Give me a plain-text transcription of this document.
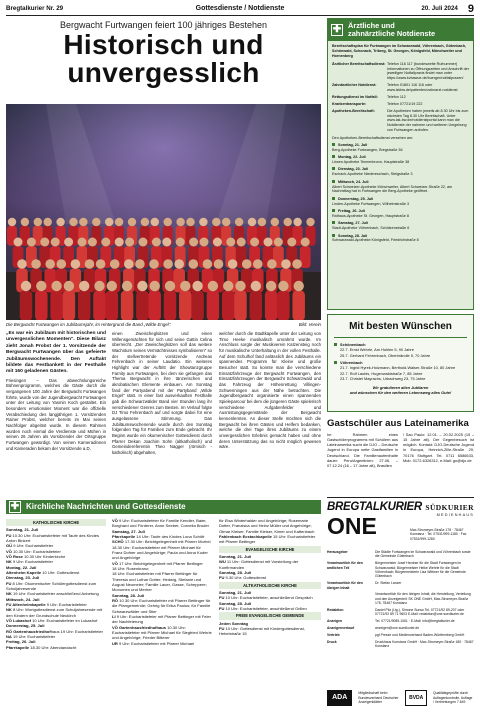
Bregtalkurier Nr. 29	Gottesdienste / Notdienste	20. Juli 2024 9
Bergwacht Furtwangen feiert 100 jähriges Bestehen
Historisch und
unvergesslich
Die Bergwacht Furtwangen im Jubiläumsjahr, im Hintergrund die Band „Wilde Engel".	Bild: Verein

„Es war ein Jubiläum mit historischen und unvergesslichen Momenten". Diese Bilanz zieht Jonah Probst der 1. Vorsitzende der Bergwacht Furtwangen über das gefeierte Jubiläumswochenende. Den Auftakt bildete das Festbankett in der Festhalle mit 160 geladenen Gästen.

Friesingen – Das abwechslungsreiche Bühnenprogramm, welches die Gäste durch die vergangenen 100 Jahre der Bergwacht Furtwangen führte, wurde von der Jugendbergwacht Furtwangen unter der Leitung von Yasmin Koch gestaltet. Ein besonders emotionaler Moment war die offizielle Verabschiedung des langjährigen 1. Vorsitzenden Rainer Probst, welcher bereits im Mai seinen Nachfolger abgelöst wurde. In diesem Rahmen wurden noch einmal die Verdienste und Mühen in seinen 26 Jahren als Vorsitzender der Ortsgruppe Furtwangen gewürdigt. Von seinen Kameradinnen und Kameraden bekam der Vorsitzende a.D.

einen Zweischeglsitzen und einen Willensgemächten für sich und seine Gattin Celina überreicht. „Der Zweischeglsitzen soll das weitere Wachstum seines Vermächtnisses symbolisieren" so der stellvertretende vorsitzende Andreas Fehrenbach in seiner Laudatio. Ein weiteres Highlight war der Auftritt der Showtanzgruppe Farnity aus Furtwangen, bei dem sie gefangen das Thema Bergwacht in ihre tänzerischen und akrobatischen Elemente einbauen. Am Sonntag fand der Partyabend mit der Partyband „Wilde Engel" statt. In einer fast ausverkauften Festhalle gab die Schwarzwälder Band vier Stunden lang ihr verschiedener Genres zum Besten. Im Verlauf folgte DJ Timo Fehrenbach auf und sorgte dabei für eine ausgelassene Stimmung. Das Jubiläumswochenende wurde durch den Sonntag folgenden Tag für Familien zum Ende gebracht. Ihr Beginn wurde ein ökumenischer Gottesdienst durch Pfarrer Dekan Joachim Sohn (altkatholisch) und Gemeindereferentin Theo Nagger (römisch - katholisch) abgehalten,
welcher durch die Stadtkapelle unter der Leitung von Timo Heeke musikalisch umrahmt wurde. Im Anschluss sorgte der Musikverein Katzensteig noch für musikalische Unterhaltung in der vollen Festhalle. Auf dem Schulhof fand anlässlich des Jubiläums ein spannendes Programm für Kleine und große Besucher statt. So konnte man die verschiedene Einsatzfahrzeuge der Bergwacht Furtwangen, den Einsatzfahrzeugen der Bergwacht Schwarzwald und das Fahrzeug der Höhenrettung Villingen-Schwenningen aus der Nähe betrachten. Die Jugendbergwacht organisierte einen spannenden Spieleparcour bei dem die jüngeren Gäste spielerisch verschiedene Aufgabenfelder und Ausrüstungsgegenstände der Bergwacht kennenlernten. An dieser Stelle möchten sich die Bergwacht bei ihren Gästen und Helfern bedanken, welche die drei Tage ihres Jubiläums zu einem unvergesslichen Erlebnis gemacht haben und ohne deren Unterstützung das so nicht möglich gewesen wäre.
✚ Kirchliche Nachrichten und Gottesdienste
KATHOLISCHE KIRCHE
Sonntag, 21. Juli
FU 10.30 Uhr: Eucharistiefeier mit Taufe des Kindes Anton Binkert
GÜ 9 Uhr: Eucharistiefeier
VÖ 10.30 Uhr: Eucharistiefeier
VÖ Rose 10.30 Uhr Kinderkirche
NK 9 Uhr: Eucharistiefeier
Montag, 22. Juli
Altenheim Kapelle 10 Uhr: Gottesdienst
Dienstag, 23. Juli
FU 8 Uhr: Ökumenischer Schülergottesdienst zum Schuljahresende
NK 19 Uhr: Eucharistiefeier anschließend Anbetung
Mittwoch, 24. Juli
FU Altenheimkapelle 9 Uhr: Eucharistiefeier
NK 8 Uhr: Wortgottesdienst zum Schuljahresende mit den Kindern der Grundschule Neukirch
VÖ Lukashof 10 Uhr: Eucharistiefeier im Lukashof
Donnerstag, 25. Juli
RÖ Gartenhausfriedhofhaus 19 Uhr: Eucharistiefeier
NA 19 Uhr: Eucharistiefeier
Freitag, 26. Juli
Pfarrkapelle 18.30 Uhr: Abendandacht
VÖ 9 Uhr: Eucharistiefeier für Familie Kendler, Baier, Burghard und Förderer, Anne Seeber, Cornelia Bruder
Samstag, 27. Juli
Pfarrkapelle 14 Uhr: Taufe des Kindes Lona Schött
SCHÖ 17.30 Uhr: Beichtgelegenheit mit Pfarrer Morhel
18.30 Uhr: Eucharistiefeier mit Pfarrer Michael für Franz Dofner und Angehörige; Paula und Anna Kuder und Angehörige
VÖ 17 Uhr: Beichtgelegenheit mit Pfarrer Bettinger
18 Uhr: Rosenkranz;
18 Uhr: Eucharistiefeier mit Pfarrer Bettinger für Theresia und Lothar Dotter; Hedwig, Stefanie und August Neumeier; Familie Lauer, Gasse, Scheppere; Monumen und Merher
Sonntag, 28. Juli
RÖ 10.30 Uhr: Eucharistiefeier mit Pfarrer Bettinger für die Pfarrgemeinde; Gehrig für Erika Paulus; für Familie Schwarzwälder und Stier
LI 9 Uhr: Eucharistiefeier mit Pfarrer Bettinger mit Feier der Nachfeierung
VÖ Gartenhausfriedhofhaus 10.30 Uhr: Eucharistiefeier mit Pfarrer Michael für Siegfried Wehrle und Angehörige; Frieder Bitterer
UR 9 Uhr: Eucharistiefeier mit Pfarrer Michael
für Elsa Winterhalder und Angehörige; Rosemarie Dotter, Franziska und Heinz Müller und Angehörige; Otmar Kleiser, Familie Kleiser, Kimer und Kattenbach
Fahlenbach Ecstachkapelle 15 Uhr: Eucharistiefeier mit Pfarrer Bettinger
EVANGELISCHE KIRCHE
Sonntag, 21. Juli
WU 11 Uhr: Gottesdienst mit Vorstellung der Konfirmanden
Sonntag, 28. Juli
FU 9.30 Uhr: Gottesdienst
ALTKATHOLISCHE KIRCHE
Sonntag, 21. Juli
FU 10 Uhr: Eucharistiefeier, anschließend Gespräch
Sonntag, 28. Juli
FU 10 Uhr: Eucharistiefeier, anschließend Grillen
FREIE EVANGELISCHE GEMEINDE
Jeden Sonntag
FU 10 Uhr: Gottesdienst mit Kindergottesdienst, Hebelstraße 15
✚ Ärztliche und
zahnärztliche Notdienste

Bereitschaftsplan für Furtwangen im Schwarzwald, Vöhrenbach, Gütenbach, Schönwald, Schonach, Triberg, St. Georgen, Königsfeld, Mönchweiler und Hornenberg

Ärztlicher Bereitschaftsdienst: Telefon 116 117 (bundesweite Rufnummer) Informationen zu Öffnungszeiten und Anschrift der jeweiligen Notfallpraxis findet man unter https://www.kvbawue.de/buerger/notfallpraxen/
Zahnärztlicher Notdienst:	Telefon 01801 116 116 oder www.lzkbw.de/patienten/zahnarzt-notdienst
Rettungsdienst im Notfall:	Telefon 112
Krankentransporte:	Telefon 07721/19 222
Apotheken-Bereitschaft:	Die Apotheken haben jeweils ab 8.30 Uhr bis zum nächsten Tag 8.30 Uhr Bereitschaft. Unter www.lak-bw.de/notdienstportal kann man die Notdienste der nahmen und weiteren Umgebung von Furtwangen aufrufen.

Den Apotheken-Bereitschaftsdienst versehen am:

Sonntag, 21. Juli
Berg-Apotheke Furtwangen, Bregstraße 36
Montag, 22. Juli
Löwen Apotheke Tennenbronn, Hauptstraße 38
Dienstag, 23. Juli
Eschach-Apotheke Niedereschach, Steigstraße 3
Mittwoch, 24. Juli
Albert Schweizer-Apotheke Mönchweiler, Albert Schweizer-Straße 22, am Nachmittag hat in Furtwangen die Berg-Apotheke geöffnet.
Donnerstag, 25. Juli
Linden-Apotheke Furtwangen, Wilhelmstraße 3
Freitag, 26. Juli
Rathaus-Apotheke St. Georgen, Hauptstraße 8
Samstag, 27. Juli
Stadt-Apotheke Vöhrenbach, Schützenstraße 6
Sonntag, 28. Juli
Schwarzwald-Apotheke Königsfeld, Friedrichstraße 8
Mit besten Wünschen
Schönenbach
22.7. Ernst Wehrle, Am Hohlen 5, 90 Jahre
25.7. Gerhard Fehrenbach, Oberbrändle 5, 70 Jahre
Vöhrenbach
21.7. Ingrid Hyrek-Holzmann, Berthold-Walser-Straße 10, 80 Jahre
22.7. Rolf Laubis, Hugenwaldstraße 7, 85 Jahre
23.7. Christel Mayrachs, Urbachweg 23, 75 Jahre
Wir gratulieren allen Jubilaren
und wünschen für den weiteren Lebensweg alles Gute!
Gastschüler aus Lateinamerika
Im Rahmen eines Gastschülerprogramms mit Schülern aus Lateinamerika sucht die DJO – Deutsche Jugend in Europa nette Gastfamilien in Deutschland. Die Familienaufenthalte dauer: Peru/Argentinien: 27.06. – 07.12.24 (16 – 17 Jahre alt), Brasilien
/ Sao Paulo: 12.01. – 20.02.2025 (15 – 15 Jahre alt). Der Gegenbesuch ist möglich. Kontakt: DJO-Deutsche Jugend in Europa, Heinrich-Zille-Straße 29, 70176 Stuttgart. Tel. 0711 6586533, Mob. 0172-6326312, e-Mail: go@djo.de
BREGTALKURIER
ONE
SÜDKURIER
MEDIENHAUS
Max-Stromeyer-Straße 178 · 78467 Konstanz · Tel. 07531/999-1180 · Fax 07531/999-1280
Herausgeber	Die Städte Furtwangen im Schwarzwald und Vöhrenbach sowie die Gemeinde Gütenbach
Verantwortlich für den amtlichen Teil
Bürgermeister Josef Herdner für die Stadt Furtwangen im Schwarzwald; Bürgermeister Heike Wehrle für die Stadt Vöhrenbach; Bürgermeisterin Lisa Wittmer für die Gemeinde Gütenbach
Verantwortlich für den übrigen Inhalt
Dr. Stefan Lanzer
Verantwortlich für den übrigen Inhalt, die Herstellung, Verteilung und den Anzeigenteil: SK ONE GmbH, Max-Stromeyer-Straße 178, 78467 Konstanz
Redaktion	Daniel Pilz (Ltg.), Simone Surwo Tel. 07721/92 89-207 oder 07721/92 89 71 9603 E-Mail: redaktion@one.suedkurier.de
Anzeigen	Tel. 07721/9089-1061 · E-Mail: info@bregtalkurier.de
Anzeigenverkauf	anzeigen@one.suedkurier.de
Vertrieb	pgf Presse und Medienverband Baden-Württemberg GmbH
Druck	Druckhaus Konstanz GmbH · Max-Stromeyer-Straße 180 · 78467 Konstanz
ADA
Mitgliedschaft beim Bundesverband Deutscher Anzeigenblätter
BVDA
Qualitätsgeprüfte durch Auflagenkontrolle, Auflage / Verbreitungen 7.649
